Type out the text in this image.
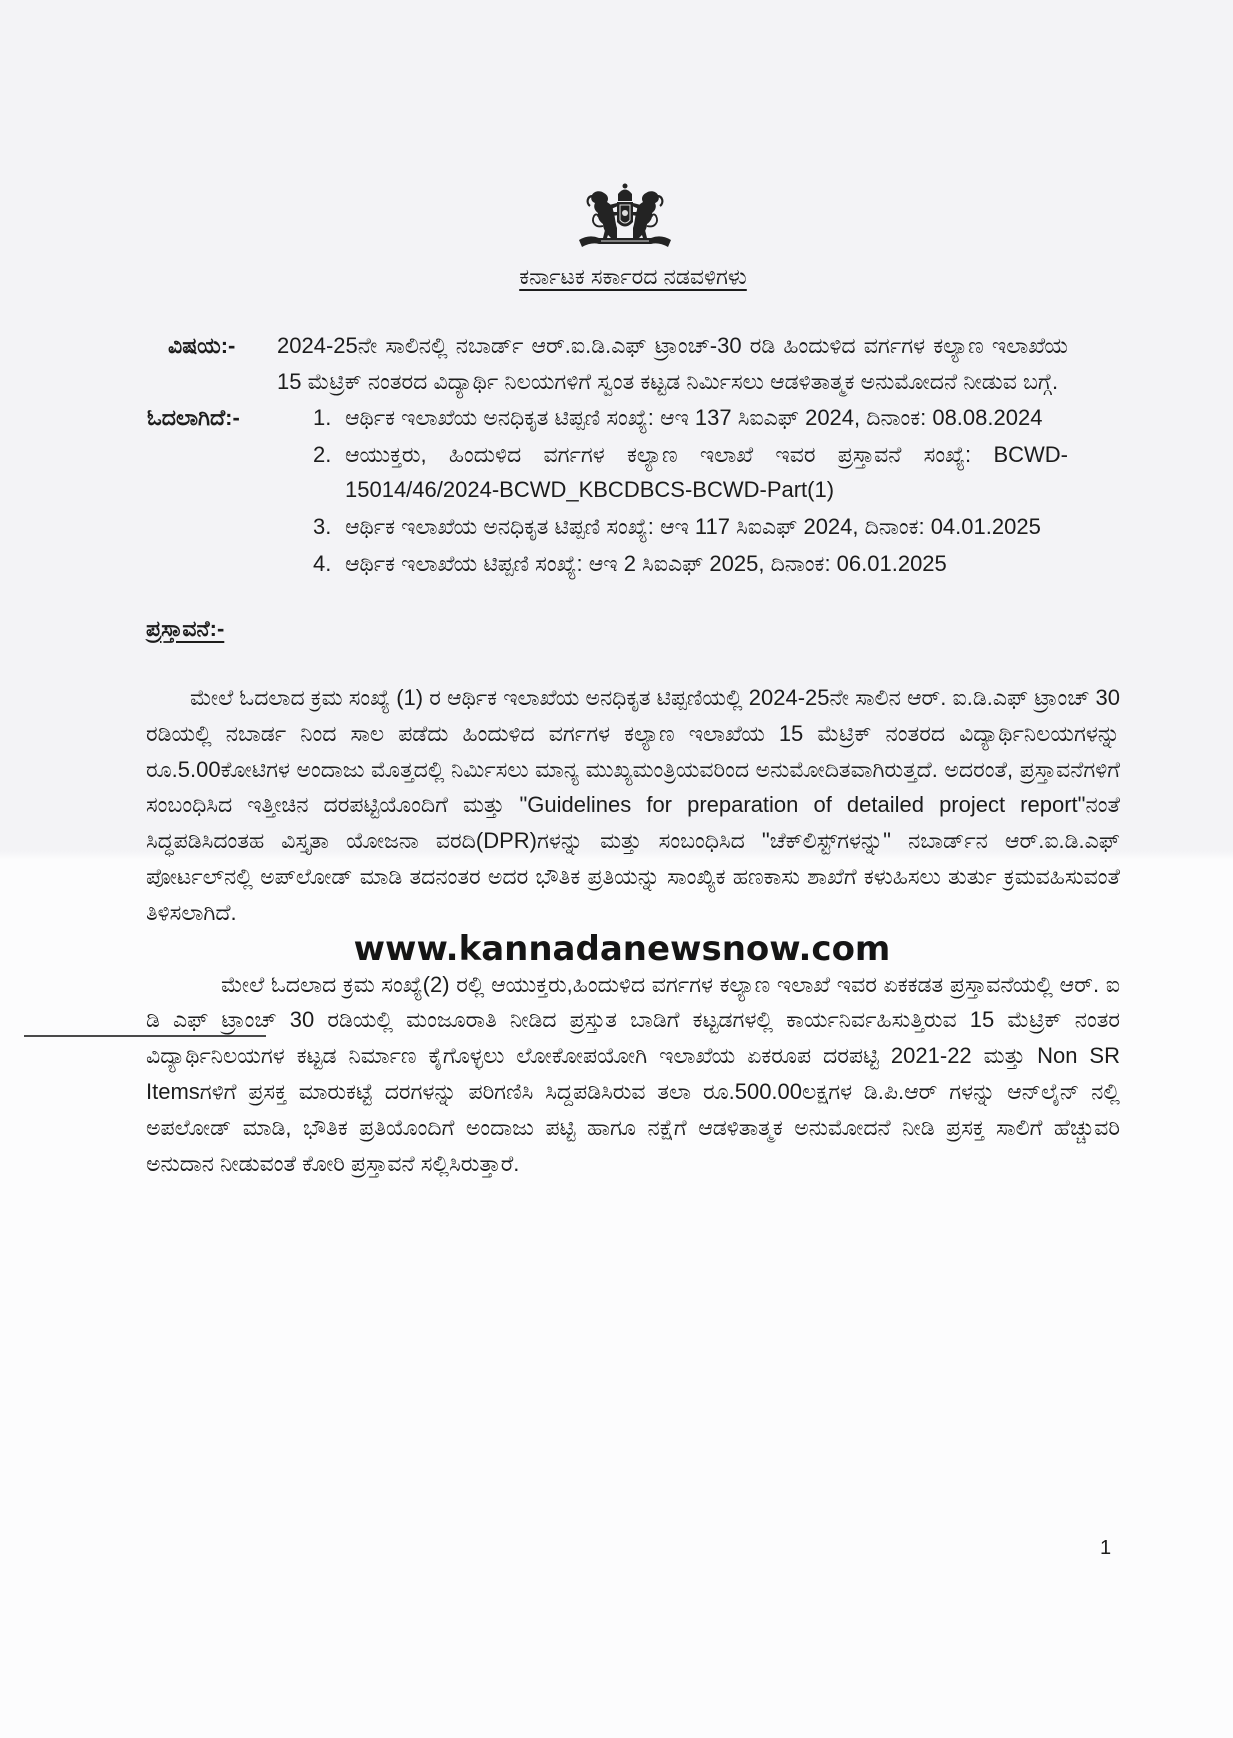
ಕರ್ನಾಟಕ ಸರ್ಕಾರದ ನಡವಳಿಗಳು
ವಿಷಯ:-	2024-25ನೇ ಸಾಲಿನಲ್ಲಿ ನಬಾರ್ಡ್ ಆರ್.ಐ.ಡಿ.ಎಫ್ ಟ್ರಾಂಚ್-30 ರಡಿ ಹಿಂದುಳಿದ ವರ್ಗಗಳ ಕಲ್ಯಾಣ ಇಲಾಖೆಯ 15 ಮೆಟ್ರಿಕ್ ನಂತರದ ವಿದ್ಯಾರ್ಥಿ ನಿಲಯಗಳಿಗೆ ಸ್ವಂತ ಕಟ್ಟಡ ನಿರ್ಮಿಸಲು ಆಡಳಿತಾತ್ಮಕ ಅನುಮೋದನೆ ನೀಡುವ ಬಗ್ಗೆ.
ಓದಲಾಗಿದೆ:-	1. ಆರ್ಥಿಕ ಇಲಾಖೆಯ ಅನಧಿಕೃತ ಟಿಪ್ಪಣಿ ಸಂಖ್ಯೆ: ಆಇ 137 ಸಿಐಎಫ್ 2024, ದಿನಾಂಕ: 08.08.2024
2. ಆಯುಕ್ತರು, ಹಿಂದುಳಿದ ವರ್ಗಗಳ ಕಲ್ಯಾಣ ಇಲಾಖೆ ಇವರ ಪ್ರಸ್ತಾವನೆ ಸಂಖ್ಯೆ: BCWD-15014/46/2024-BCWD_KBCDBCS-BCWD-Part(1)
3. ಆರ್ಥಿಕ ಇಲಾಖೆಯ ಅನಧಿಕೃತ ಟಿಪ್ಪಣಿ ಸಂಖ್ಯೆ: ಆಇ 117 ಸಿಐಎಫ್ 2024, ದಿನಾಂಕ: 04.01.2025
4. ಆರ್ಥಿಕ ಇಲಾಖೆಯ ಟಿಪ್ಪಣಿ ಸಂಖ್ಯೆ: ಆಇ 2 ಸಿಐಎಫ್ 2025, ದಿನಾಂಕ: 06.01.2025
ಪ್ರಸ್ತಾವನೆ:-

ಮೇಲೆ ಓದಲಾದ ಕ್ರಮ ಸಂಖ್ಯೆ (1) ರ ಆರ್ಥಿಕ ಇಲಾಖೆಯ ಅನಧಿಕೃತ ಟಿಪ್ಪಣಿಯಲ್ಲಿ 2024-25ನೇ ಸಾಲಿನ ಆರ್. ಐ.ಡಿ.ಎಫ್ ಟ್ರಾಂಚ್ 30 ರಡಿಯಲ್ಲಿ ನಬಾರ್ಡ ನಿಂದ ಸಾಲ ಪಡೆದು ಹಿಂದುಳಿದ ವರ್ಗಗಳ ಕಲ್ಯಾಣ ಇಲಾಖೆಯ 15 ಮೆಟ್ರಿಕ್ ನಂತರದ ವಿದ್ಯಾರ್ಥಿನಿಲಯಗಳನ್ನು ರೂ.5.00ಕೋಟಿಗಳ ಅಂದಾಜು ಮೊತ್ತದಲ್ಲಿ ನಿರ್ಮಿಸಲು ಮಾನ್ಯ ಮುಖ್ಯಮಂತ್ರಿಯವರಿಂದ ಅನುಮೋದಿತವಾಗಿರುತ್ತದೆ. ಅದರಂತೆ, ಪ್ರಸ್ತಾವನೆಗಳಿಗೆ ಸಂಬಂಧಿಸಿದ ಇತ್ತೀಚಿನ ದರಪಟ್ಟಿಯೊಂದಿಗೆ ಮತ್ತು "Guidelines for preparation of detailed project report"ನಂತೆ ಸಿದ್ಧಪಡಿಸಿದಂತಹ ವಿಸ್ತೃತಾ ಯೋಜನಾ ವರದಿ(DPR)ಗಳನ್ನು ಮತ್ತು ಸಂಬಂಧಿಸಿದ "ಚೆಕ್‌ಲಿಸ್ಟ್‌ಗಳನ್ನು" ನಬಾರ್ಡ್‌ನ ಆರ್.ಐ.ಡಿ.ಎಫ್ ಪೋರ್ಟಲ್‌ನಲ್ಲಿ ಅಪ್‌ಲೋಡ್ ಮಾಡಿ ತದನಂತರ ಅದರ ಭೌತಿಕ ಪ್ರತಿಯನ್ನು ಸಾಂಖ್ಯಿಕ ಹಣಕಾಸು ಶಾಖೆಗೆ ಕಳುಹಿಸಲು ತುರ್ತು ಕ್ರಮವಹಿಸುವಂತೆ ತಿಳಿಸಲಾಗಿದೆ.

www.kannadanewsnow.com

ಮೇಲೆ ಓದಲಾದ ಕ್ರಮ ಸಂಖ್ಯೆ(2) ರಲ್ಲಿ ಆಯುಕ್ತರು,ಹಿಂದುಳಿದ ವರ್ಗಗಳ ಕಲ್ಯಾಣ ಇಲಾಖೆ ಇವರ ಏಕಕಡತ ಪ್ರಸ್ತಾವನೆಯಲ್ಲಿ ಆರ್. ಐ ಡಿ ಎಫ್ ಟ್ರಾಂಚ್ 30 ರಡಿಯಲ್ಲಿ ಮಂಜೂರಾತಿ ನೀಡಿದ ಪ್ರಸ್ತುತ ಬಾಡಿಗೆ ಕಟ್ಟಡಗಳಲ್ಲಿ ಕಾರ್ಯನಿರ್ವಹಿಸುತ್ತಿರುವ 15 ಮೆಟ್ರಿಕ್ ನಂತರ ವಿದ್ಯಾರ್ಥಿನಿಲಯಗಳ ಕಟ್ಟಡ ನಿರ್ಮಾಣ ಕೈಗೊಳ್ಳಲು ಲೋಕೋಪಯೋಗಿ ಇಲಾಖೆಯ ಏಕರೂಪ ದರಪಟ್ಟಿ 2021-22 ಮತ್ತು Non SR Itemsಗಳಿಗೆ ಪ್ರಸಕ್ತ ಮಾರುಕಟ್ಟೆ ದರಗಳನ್ನು ಪರಿಗಣಿಸಿ ಸಿದ್ದಪಡಿಸಿರುವ ತಲಾ ರೂ.500.00ಲಕ್ಷಗಳ ಡಿ.ಪಿ.ಆರ್ ಗಳನ್ನು ಆನ್‌ಲೈನ್ ನಲ್ಲಿ ಅಪಲೋಡ್ ಮಾಡಿ, ಭೌತಿಕ ಪ್ರತಿಯೊಂದಿಗೆ ಅಂದಾಜು ಪಟ್ಟಿ ಹಾಗೂ ನಕ್ಷೆಗೆ ಆಡಳಿತಾತ್ಮಕ ಅನುಮೋದನೆ ನೀಡಿ ಪ್ರಸಕ್ತ ಸಾಲಿಗೆ ಹೆಚ್ಚುವರಿ ಅನುದಾನ ನೀಡುವಂತೆ ಕೋರಿ ಪ್ರಸ್ತಾವನೆ ಸಲ್ಲಿಸಿರುತ್ತಾರೆ.

1
